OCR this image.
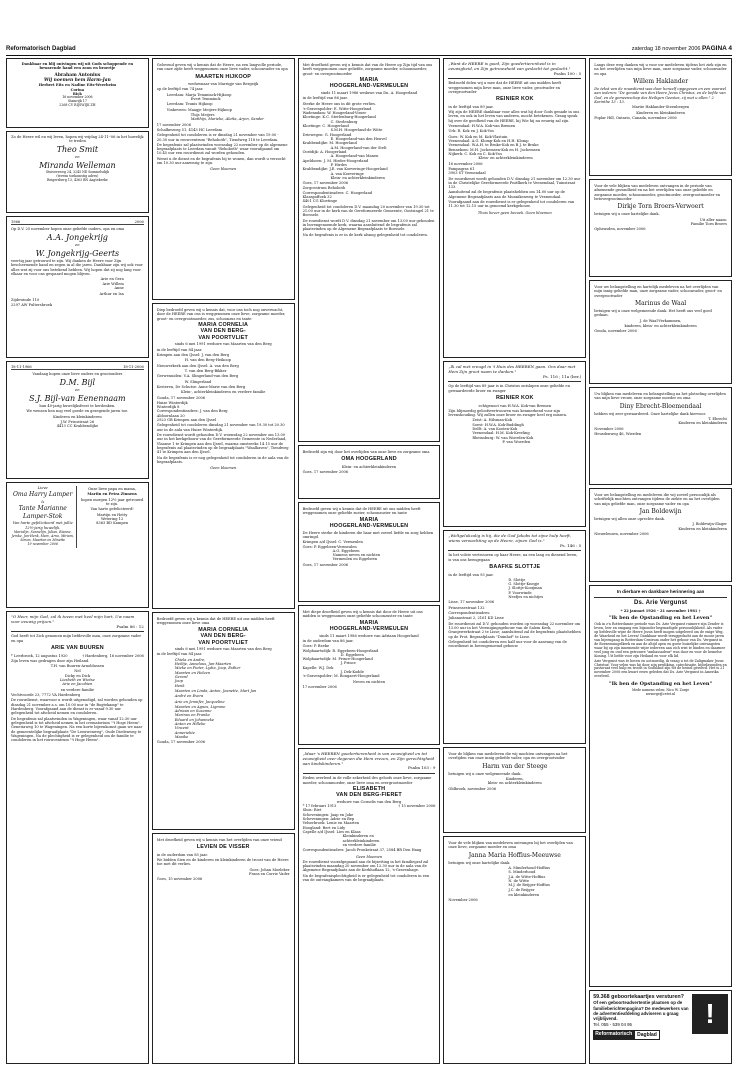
Reformatorisch Dagblad	zaterdag 18 november 2006 PAGINA 4
Dankbaar en blij ontvingen wij uit Gods schoppende en bewarende hand een zoon en broertje
Abraham Antonius
Wij noemen hem Harm-Jan
Herbert Eits en Nadine Eits-Weerheim
Corina
Rick
16 november 2006
Stamrijk 17
2268 CV RIJSWIJK ZH
Zo de Heere wil en wij leven, hopen wij vrijdag 24-11-'06 in het huwelijk te treden
Theo Smit
en
Miranda Welleman
Stuiversweg 24, 3245 NE Sommelsdijk
(tevens toekomstig adres)
Reigersberg 13, 4363 BN Aagtekerke
1966	2006
Op D.V. 25 november hopen onze geliefde ouders, opa en oma
A.A. Jongekrijg
en
W. Jongekrijg-Geerts
veertig jaar getrouwd te zijn. Wij danken de Heere voor Zijn beschermende hand en zegen in al die jaren. Dankbaar zijn wij ook voor alles wat zij voor ons betekend hebben. Wij hopen dat zij nog lang voor elkaar en voor ons gespaard mogen blijven.
Arie en Gera
Arie Willem
Anne
Arthur en Isa
Zijdewinde 110
2297 AW Pultersbroek
18-11-1966	18-11-2006
Vandaag hopen onze lieve ouders en grootouders
D.M. Bijl
en
S.J. Bijl-van Eenennaam
hun 40-jarig huwelijksfeest te herdenken.
We wensen hen nog veel goede en gezegende jaren toe.
Kinderen en kleinkinderen
J.W. Frisostraat 26
4413 CC Krabbendijke
Lieve
Oma Harry Lamper
&
Tante Marianne
Lamper-Stok
Van harte gefeliciteerd met jullie 12½-jarig huwelijk.
Mariolijn, Sannelijn, Julian, Rianne, Jemke, Jan-Henk, Marc, Arno, Miriam, Simon, Maarten en Minette
19 november 2006
Onze lieve papa en mama,
Martin en Petra Zinnens
hopen morgen 12½ jaar getrouwd te zijn.
Van harte gefeliciteerd!
Martijn en Hetty
Wetering 12
8363 BD Kampen
"O Heer, mijn God, zal ik toven met heel mijn hart, Uw naam voor eeuwig prijzen."
Psalm 86 : 12
God heeft tot Zich genomen mijn liefdevolle man, onze zorgzame vader en opa
ARIE VAN BUUREN
* Leerbroek, 12 augustus 1920	† Hardenberg, 16 november 2006
Zijn leven was gedragen door zijn Heiland.
T.H. van Buuren-Arnoldussen
Nel
Dicky en Dick
Liesbeth en Wietse
Arie en Jacobien
en verdere familie
Vechtvoorde 23, 7772 VA Hardenberg
De rouwdienst, waarvoor u wordt uitgenodigd, zal worden gehouden op dinsdag 21 november a.s. om 10.00 uur in "de Bogtekamp" te Hardenberg. Voorafgaand aan de dienst is er vanaf 9.30 uur gelegenheid tot afscheid nemen en condoleren.
De begrafenis zal plaatsvinden in Wageningen, waar vanaf 12.30 uur gelegenheid is tot afscheid nemen in het crematorium "'t Hoge Heem". Generiaweg 10 te Wageningen. Na een korte bijeenkomst gaan we naar de gemeentelijke begraafplaats "De Leeuwenweg", Oude Diedenweg te Wageningen. Na de plechtigheid is er gelegenheid om de familie te condoleren in het rouwcentrum "'t Hoge Heem".
Gelovend geven wij u kennis dat de Heere, na een langvolle periode, van onze zijde heeft weggenomen onze lieve vader, schoonvader en opa
MAARTEN HIJKOOP
weduwnaar van Marrigje van Bergeijk
op de leeftijd van 74 jaar.
Leerdam: Marja Temminck-Hijkoop
Evert Temminck
Leerdam: Teunis Hijkoop
Vinkeveen: Maagje Meijers-Hijkoop
Thijs Meijers
Matthijs, Marieke, Aletta, Arjen, Sander
17 november 2006
Schalkesweg 51, 4143 HC Leerdam
Gelegenheid tot condoleren is er dinsdag 21 november van 19.00 - 20.30 uur in rouwcentrum "Rehoboth", Tiendweg 118 te Leerdam.
De begrafenis zal plaatsvinden woensdag 22 november op de algemene begraafplaats te Leerdam vanuit "Rehoboth" waar voorafgaand om 10.45 uur een rouwdienst zal worden gehouden.
Wenst u de dienst en de begrafenis bij te wonen, dan wordt u verzocht om 10.30 uur aanwezig te zijn.
Geen bloemen
Diep bedroefd geven wij u kennis dat, voor ons toch nog onverwacht, door de HEERE van ons is weggenomen onze lieve, zorgzame moeder, groot- en overgrootmoeder, zus, schoonzus en tante
MARIA CORNELIA
VAN DEN BERG-
VAN POORTVLIET
sinds 6 mei 1991 weduwe van Maarten van den Berg
in de leeftijd van 84 jaar.
Krimpen aan den IJssel: J. van den Berg
H. van den Berg-Heikoop
Nieuwerkerk aan den IJssel: A. van den Berg
T. van den Berg-Bikker
Gerwenuiden: V.A. Slingerland-van den Berg
W. Slingerland
Kesteren, De Schutse: Anne-Marie van den Berg
Klein-, achterkleinkinderen en verdere familie
Gouda, 17 november 2006
Huize Winterdijk
Winterdijk 8
Correspondentieadres: J. van den Berg
Aldoornlaan 20
2923 GB Krimpen aan den IJssel
Gelegenheid tot condoleren dinsdag 21 november van 19.30 tot 20.30 uur in de aula van Huize Winterdijk.
De rouwdienst wordt gehouden D.V. woensdag 22 november om 13.00 uur in het kerkgebouw van de Gereformeerde Gemeente in Nederland, Vlaanse 1 te Krimpen aan den IJssel, waarna omstreeks 14.15 uur de begrafenis zal plaatsvinden op de begraafplaats "Waalhaven", Tiendweg 41 te Krimpen aan den IJssel.
Na de begrafenis is er nog gelegenheid tot condoleren in de aula van de begraafplaats.
Geen bloemen
Bedroefd geven wij u kennis dat de HEERE uit ons midden heeft weggenomen onze lieve oma
MARIA CORNELIA
VAN DEN BERG-
VAN POORTVLIET
sinds 6 mei 1991 weduwe van Maarten van den Berg
in de leeftijd van 84 jaar.
Chiela en Andre,
Heiltje, Annelous, Jan-Maarten
Mieke en Pieter, Lydia, Joop, Esther
Maarten en Heleen
Gerard
Joop
Henk
Maarten en Linda, Anton, Jeanette, Mart Jan
André en Evera
Arie en Jennifer, Jacqueline
Maarten en Agnes, Ligmme
Adriaan en Suzanne
Marinus en Franka
Eduard en Johanneke
Anton en Hilleke
Vincent
Anneriekte
Maaike
Gouda, 17 november 2006
Met droefheid geven wij u kennis van het overlijden van onze vriend
LEVIEN DE VISSER
in de ouderdom van 85 jaar.
We bidden Sien en de kinderen en kleinkinderen de troost van de Heere toe met dit verlies.
Goes: Johan Moeleker
Frans en Corrie Vader
Goes, 15 november 2006
Met droefheid geven wij u kennis dat van de Heere op Zijn tijd van ons heeft weggenomen onze geliefde, zorgzame moeder, schoonmoeder, groot- en overgrootmoeder
MARIA
HOOGERLAND-VERMEULEN
sinds 11 maart 1986 weduwe van Dn. A. Hoogerland
in de leeftijd van 86 jaar.
Sterke de Heere ons in dit grote verlies.
's-Gravenpolder: E. Witte-Hoogerland
Wadenxdam: W. Hoogerland-Visser
Kloetinge: K.C. Sterlenburg-Hoogerland
C. Sterlenburg
Kloetinge: C. Hoogerland
S.M.H. Hoogerland-de Witte
Driewegen: G. Hoogerland
E. Hoogerland-van den Heuvel
Krabbendijke: M. Hoogerland
A.M. Hoogerland-van der Stelt
Oostdijk: A. Hoogerland
A. Hoogerland-van Manen
Apeldoorn: J. M. Hirdes-Hoogerland
P. Hirdes
Krabbendijke: J.E. van Koeveringe-Hoogerland
A. van Koeveringe
Klein- en achterkleinkinderen
Goes, 17 november 2006
Zorgcentrum Rehoboth
Correspondentieadres: C. Hoogerland
Klaaspoffoek 32
4401 CG Kloetinge
Gelegenheid tot condoleren D.V. maandag 20 november van 19.30 tot 21.00 uur in de kerk van de Gereformeerde Gemeente, Oostsingel 21 te Borssele.
De rouwdienst wordt D.V. dinsdag 21 november om 13.00 uur gehouden in bovengenoemde kerk, waarna aansluitend de begrafenis zal plaatsvinden op de Algemene Begraafplaats te Borssele.
Na de begrafenis is er in de kerk alsnog gelegenheid tot condoleren.
Bedroefd zijn wij door het overlijden van onze lieve en zorgzame oma
OMA HOOGERLAND
Klein- en achterkleinkinderen
Goes, 17 november 2006
Bedroefd geven wij u kennis dat de HEERE uit ons midden heeft weggenomen onze geliefde zuster, schoonzuster en tante
MARIA
HOOGERLAND-VERMEULEN
De Heere sterke de kinderen die haar met zoveel liefde en zorg hebben omringd.
Krimpen a/d IJssel: C. Vermeulen
Goes: P. Eggebeen-Vermeulen
A.O. Eggebeen
Namens neven en nichten
Vermeulen en Eggebeen
Goes, 17 november 2006
Met diepe droefheid geven wij u kennis dat door de Heere uit ons midden is weggenomen onze geliefde schoonzuster en tante
MARIA
HOOGERLAND-VERMEULEN
sinds 11 maart 1986 weduwe van Adriaan Hoogerland
in de ouderdom van 86 jaar.
Goes: P. Beeke
Wolphaartsdijk: R. Eggebeen-Hoogerland
D. Eggebeen
Wolphaartsdijk: M. Prince-Hoogerland
J. Prince
Kapelle: W.J. Dek
J. Dek-Kodde
's-Gravenpolder: M. Bongaert-Hoogerland
Neven en nichten
17 november 2006
„Maar 's HEEREN goedertierenheid is van eeuwigheid en tot eeuwigheid over degenen die Hem vrezen, en Zijn gerechtigheid aan kindskinderen."
Psalm 103 : 9
Heden overleed in de volle zekerheid des geloofs onze lieve, zorgzame moeder, schoonmoeder, onze lieve oma en overgrootmoeder
ELISABETH
VAN DEN BERG-FIERET
weduwe van Cornelis van den Berg
* 17 februari 1913	† 15 november 2006
Sluis: Riet
Scheveningen: Jaap en Joke
Scheveningen: Adrie en Bep
Velserbroek: Lenie en Maarten
Hoogland: Bert en Lidy
Capelle a/d IJssel: Lies en Klaas
Kleinkinderen en
achterkleinkinderen
en verdere familie
Correspondentieadres: Jacob Pronkstraat 37, 2584 BR Den Haag
Geen bloemen
De rouwdienst voorafgegaand aan de bijzetting in het familiegraf zal plaatsvinden maandag 20 november om 12.30 uur in de aula van de Algemene Begraafplaats aan de Kerkhoflaan 12, 's-Gravenhage.
Na de begrafenisplechtigheid is er gelegenheid tot condoleren in een van de ontvangkamers van de begraafplaats.
„Want de HEERE is goed, Zijn goedertierenheid is in eeuwigheid, en Zijn getrouwheid van geslacht tot geslacht."
Psalm 100 : 5
Bedroefd delen wij u mee dat de HEERE uit ons midden heeft weggenomen mijn lieve man, onze lieve vader, grootvader en overgrootvader
REINIER KOK
in de leeftijd van 89 jaar.
Wij zijn de HEERE dankbaar voor alles wat hij door Gods genade in ons leven, en ook in het leven van anderen, mocht betekenen. Graag sprak hij over de goedheid van de HEERE, hij Wie hij nu eeuwig zal zijn.
Veenendaal: H.W.A. Kok-van Bremen
Urk: R. Kok en J. Kok-Vos
Goes: W. Kok en M. Kok-Vlastuin
Veenendaal: A.G. Klomp-Kok en H.H. Klomp
Veenendaal: W.A.H. te Bruke-Kok en B.J. te Bruke
Bennekom: M.H. Jochemsen-Kok en H. Jochemsen
Nijkerk: C. Kok en C. Kok-Vos
Klein- en achterkleinkinderen
16 november 2006
Pampagras 61
3903 ST Veenendaal
De rouwdienst wordt gehouden D.V. dinsdag 21 november om 12.30 uur in de Christelijke Gereformeerde Pniëlkerk te Veenendaal, Tuinstraat 133.
Aansluitend zal de begrafenis plaatshebben om 14.00 uur op de Algemene Begraafplaats aan de Munnikenweg te Veenendaal.
Voorafgaand aan de rouwdienst is er gelegenheid tot condoleren van 11.30 tot 12.15 uur in genoemd kerkgebouw.
Thuis liever geen bezoek. Geen bloemen
„Ik zal met vreugd in 't Huis des HEEREN gaan. Ons daar met Hem Zijn groot naam te danken."
Ps. 116 ; 11a (ber.)
Op de leeftijd van 89 jaar is in Christus ontslapen onze geliefde en gewaardeerde broer en zwager
REINIER KOK
echtgenoot van H.W.A. Kok-van Bremen
Zijn blijmoedig geloofsvertrouwen was kenmerkend voor zijn levenshouding. Wij zullen onze broer en zwager heel erg missen.
Zeist: A. Hilsman-Kok
Soest: H.W.A. Kok-Buddingh
Delft: A. van Kooten-Kok
Veenendaal: H.M. Kok-Kreeling
Rheinsburg: W. van Woerden-Kok
P. van Woerden
„Weltgelukzalig is hij, die de God Jakobs tot zijne hulp heeft, wiens verwachting op de Heere, zijnen God is."
Ps. 146 : 5
In het volste vertrouwen op haar Heere, na een lang en dienend leven, is van ons heengegaan
BAAFKE SLOTTJE
in de leeftijd van 93 jaar.
D. Slottje
G. Slottje-Knegje
J. Slottje-Kooijman
P. Voorwinde
Neefjes en nichtjes
Lisse, 17 november 2006
Prinsessestraat 132
Correspondentieadres:
Julianastraat 2, 2161 KD Lisse
De rouwdienst zal D.V. gehouden worden op woensdag 22 november om 13.00 uur in het Verenigingsgebouw van de Salem Kerk, Oranjewerkstraat 2 te Lisse; aansluitend zal de begrafenis plaatshebben op de Prot. Begraafplaats "Duinhof" te Lisse.
Gelegenheid tot condoleren een half uur voor de aanvang van de rouwdienst in bovengenoemd gebouw.
Voor de blijken van medeleven die wij mochten ontvangen na het overlijden van onze innig geliefde vader, opa en overgrootvader
Harm van der Steege
betuigen wij u onze welgemeende dank.
Kinderen,
klein- en achterkleinkinderen
Oldbroek, november 2006
Voor de vele blijken van medeleven ontvangen bij het overlijden van onze lieve, zorgzame moeder en oma
Janna Maria Hoffius-Meeuwse
betuigen wij onze hartelijke dank.
A. Minderhoud-Hoffius
S. Minderhoud
J.A. de Witte-Hoffius
N. de Witte
M.J. de Reijger-Hoffius
J.C. de Reijger
en kleinkinderen
November 2006
Langs deze weg danken wij u voor uw medeleven tijdens het ziek zijn en na het overlijden van mijn lieve man, onze zorgzame vader, schoonvader en opa
Willem Haklander
De tekst van de rouwdienst was door henzelf opgegeven en een vaarwel aan iederen: "De genade van den Heere Jezus Christus, en de liefde van God, en de gemeenschap des Heiligen Geestes, zij met u allen." 2 Korinthe 13 : 13.
Martie Haklander-Steenbergen
Kinderen en kleinkinderen
Poplar Hill, Ontario, Canada, november 2006
Voor de vele blijken van medeleven ontvangen in de periode van afnemende gezondheid en na het overlijden van onze geliefde en zorgzame moeder, schoonmoeder, grootmoeder, overgrootmoeder en betovergrootmoeder
Dirkje Torn Broers-Verwoert
betuigen wij u onze hartelijke dank.
Uit aller naam:
Familie Torn Broers
Opheusden, november 2006
Voor uw belangstelling en hartelijk medeleven na het overlijden van mijn innig geliefde man, onze zorgzame vader, schoonvader, groot- en overgrootvader
Marinus de Waal
betuigen wij u onze welgemeende dank. Het heeft ons veel goed gedaan.
J. de Waal-Verkammen,
kinderen, klein- en achterkleinkinderen
Gouda, november 2006
Uw blijken van medeleven en belangstelling na het plotseling overlijden van mijn lieve vrouw, onze zorgzame moeder en oma
Diny Ebrecht-Bloemendaal
hebben wij zeer gewaardeerd. Onze hartelijke dank hiervoor.
T. Ebrecht
Kinderen en kleinkinderen
November 2006
Heusdenweg 46, Wierden
Voor uw belangstelling en medeleven die wij zoveel persoonlijk als schriftelijk mochten ontvangen tijdens de ziekte en na het overlijden van mijn geliefde man, onze zorgzame vader en opa
Jan Boldewijn
betuigen wij allen onze oprechte dank.
J. Boldewijn-Slager
Kinderen en kleinkinderen
Nieuwleusen, november 2006
In dierbare en dankbare herinnering aan
Ds. Arie Vergunst
* 22 januari 1926 – 21 november 1981 †
"Ik ben de Opstanding en het Leven"
Ook in z'n Rotterdamse periode was Ds. Arie Vergunst ruimere zijn Zender is leven, leer en omgang een bijzonder begenadigde persoonlijkheid. Als vader op liefdevolle wijze de Heere Jezus heeft mogen uitgeleerd om de enige Weg, de Waarheid en het Leven! Dankbaar wordt teruggedacht aan de mooie jaren van bijeengang in Rotterdam-Centrum onder het gehoor van Ds. Vergunst in de Boezemsingelkerk en aan de altijd open en goeie huiselijke ontvangsten waar bij op zijn innemende wijze iedereen aan zich wist te binden en daarmee veel jong en oud een getrouwe "ambassadeur" was door en voor de hemelse Koning. Uit liefde voor zijn Heiland en voor elk lid.
Arie Vergunst was te boven en ootmoedig, ik vraag u tot de Zaligmaker Jezus Christus! Voor velen was hij door zijn prediking, catechisatie, bijbelavonden en pastoraat veel hulp en troost in Godsland zijn tot de hemel gevoerd. Het is 21 november 2006 een kwart eeuw geleden dat Ds. Arie Vergunst in Amerika overleed.
"Ik ben de Opstanding en het Leven"
Mede namens velen: Nico W. Zorge
nwzorge@cetet.nl
59.368 geboortekaartjes versturen?
Of een geboorteadvertentie plaatsen op de familieberichtenpagina? De medewerkers van de advertentieafdeling adviseren u graag vrijblijvend.
Tel. 055 - 539 04 95
Reformatorisch	Dagblad
!
